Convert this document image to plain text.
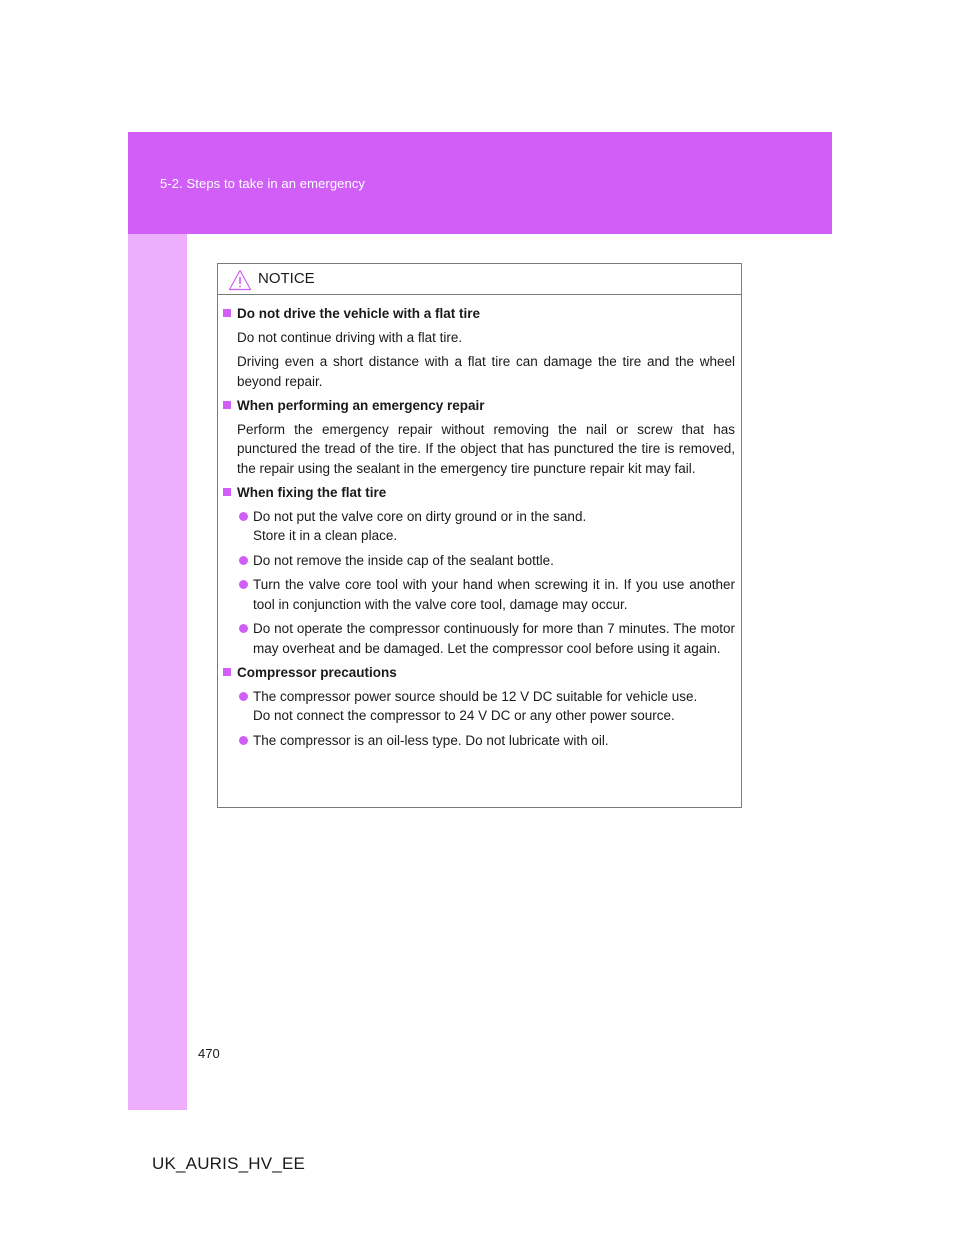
5-2. Steps to take in an emergency
NOTICE
Do not drive the vehicle with a flat tire
Do not continue driving with a flat tire.
Driving even a short distance with a flat tire can damage the tire and the wheel beyond repair.
When performing an emergency repair
Perform the emergency repair without removing the nail or screw that has punctured the tread of the tire. If the object that has punctured the tire is removed, the repair using the sealant in the emergency tire puncture repair kit may fail.
When fixing the flat tire
Do not put the valve core on dirty ground or in the sand.
Store it in a clean place.
Do not remove the inside cap of the sealant bottle.
Turn the valve core tool with your hand when screwing it in. If you use another tool in conjunction with the valve core tool, damage may occur.
Do not operate the compressor continuously for more than 7 minutes. The motor may overheat and be damaged. Let the compressor cool before using it again.
Compressor precautions
The compressor power source should be 12 V DC suitable for vehicle use.
Do not connect the compressor to 24 V DC or any other power source.
The compressor is an oil-less type. Do not lubricate with oil.
470
UK_AURIS_HV_EE
